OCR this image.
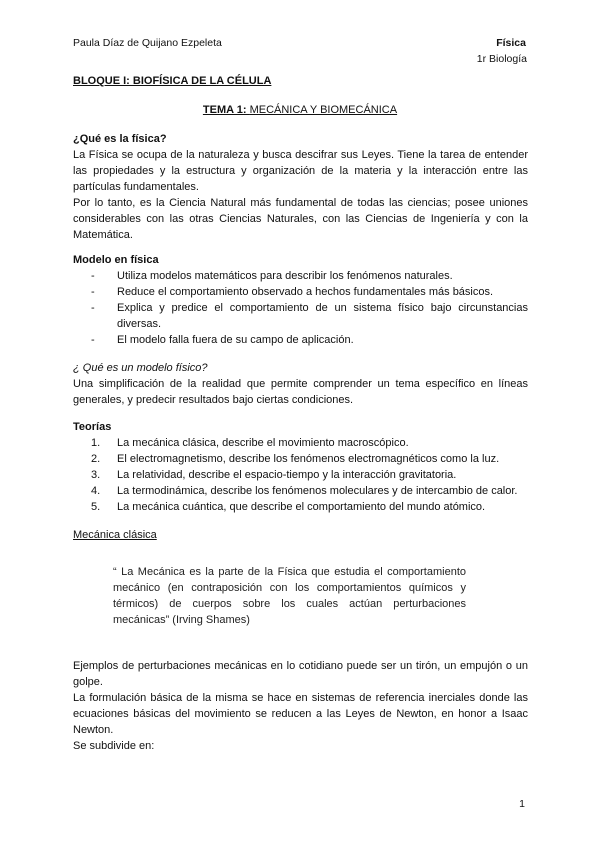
Paula Díaz de Quijano Ezpeleta	Física
1r Biología
BLOQUE I: BIOFÍSICA DE LA CÉLULA
TEMA 1: MECÁNICA Y BIOMECÁNICA
¿Qué es la física?
La Física se ocupa de la naturaleza y busca descifrar sus Leyes. Tiene la tarea de entender las propiedades y la estructura y organización de la materia y la interacción entre las partículas fundamentales.
Por lo tanto, es la Ciencia Natural más fundamental de todas las ciencias; posee uniones considerables con las otras Ciencias Naturales, con las Ciencias de Ingeniería y con la Matemática.
Modelo en física
-	Utiliza modelos matemáticos para describir los fenómenos naturales.
-	Reduce el comportamiento observado a hechos fundamentales más básicos.
-	Explica y predice el comportamiento de un sistema físico bajo circunstancias diversas.
-	El modelo falla fuera de su campo de aplicación.
¿ Qué es un modelo físico?
Una simplificación de la realidad que permite comprender un tema específico en líneas generales, y predecir resultados bajo ciertas condiciones.
Teorías
1.	La mecánica clásica, describe el movimiento macroscópico.
2.	El electromagnetismo, describe los fenómenos electromagnéticos como la luz.
3.	La relatividad, describe el espacio-tiempo y la interacción gravitatoria.
4.	La termodinámica, describe los fenómenos moleculares y de intercambio de calor.
5.	La mecánica cuántica, que describe el comportamiento del mundo atómico.
Mecánica clásica
“ La Mecánica es la parte de la Física que estudia el comportamiento mecánico (en contraposición con los comportamientos químicos y térmicos) de cuerpos sobre los cuales actúan perturbaciones mecánicas” (Irving Shames)
Ejemplos de perturbaciones mecánicas en lo cotidiano puede ser un tirón, un empujón o un golpe.
La formulación básica de la misma se hace en sistemas de referencia inerciales donde las ecuaciones básicas del movimiento se reducen a las Leyes de Newton, en honor a Isaac Newton.
Se subdivide en:
1
